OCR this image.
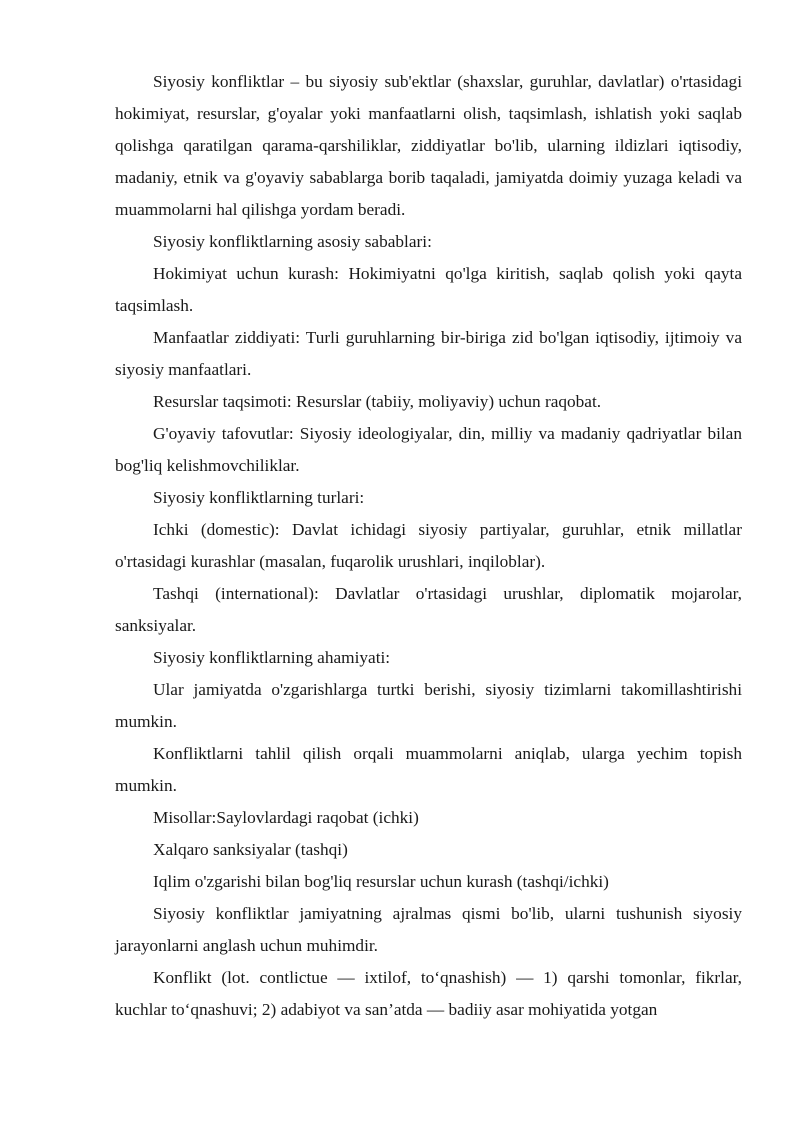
Siyosiy konfliktlar – bu siyosiy sub'ektlar (shaxslar, guruhlar, davlatlar) o'rtasidagi hokimiyat, resurslar, g'oyalar yoki manfaatlarni olish, taqsimlash, ishlatish yoki saqlab qolishga qaratilgan qarama-qarshiliklar, ziddiyatlar bo'lib, ularning ildizlari iqtisodiy, madaniy, etnik va g'oyaviy sabablarga borib taqaladi, jamiyatda doimiy yuzaga keladi va muammolarni hal qilishga yordam beradi.

Siyosiy konfliktlarning asosiy sabablari:

Hokimiyat uchun kurash: Hokimiyatni qo'lga kiritish, saqlab qolish yoki qayta taqsimlash.

Manfaatlar ziddiyati: Turli guruhlarning bir-biriga zid bo'lgan iqtisodiy, ijtimoiy va siyosiy manfaatlari.

Resurslar taqsimoti: Resurslar (tabiiy, moliyaviy) uchun raqobat.

G'oyaviy tafovutlar: Siyosiy ideologiyalar, din, milliy va madaniy qadriyatlar bilan bog'liq kelishmovchiliklar.

Siyosiy konfliktlarning turlari:

Ichki (domestic): Davlat ichidagi siyosiy partiyalar, guruhlar, etnik millatlar o'rtasidagi kurashlar (masalan, fuqarolik urushlari, inqiloblar).

Tashqi (international): Davlatlar o'rtasidagi urushlar, diplomatik mojarolar, sanksiyalar.

Siyosiy konfliktlarning ahamiyati:

Ular jamiyatda o'zgarishlarga turtki berishi, siyosiy tizimlarni takomillashtirishi mumkin.

Konfliktlarni tahlil qilish orqali muammolarni aniqlab, ularga yechim topish mumkin.

Misollar:Saylovlardagi raqobat (ichki)

Xalqaro sanksiyalar (tashqi)

Iqlim o'zgarishi bilan bog'liq resurslar uchun kurash (tashqi/ichki)

Siyosiy konfliktlar jamiyatning ajralmas qismi bo'lib, ularni tushunish siyosiy jarayonlarni anglash uchun muhimdir.

Konflikt (lot. contlictue — ixtilof, to‘qnashish) — 1) qarshi tomonlar, fikrlar, kuchlar to‘qnashuvi; 2) adabiyot va san’atda — badiiy asar mohiyatida yotgan
